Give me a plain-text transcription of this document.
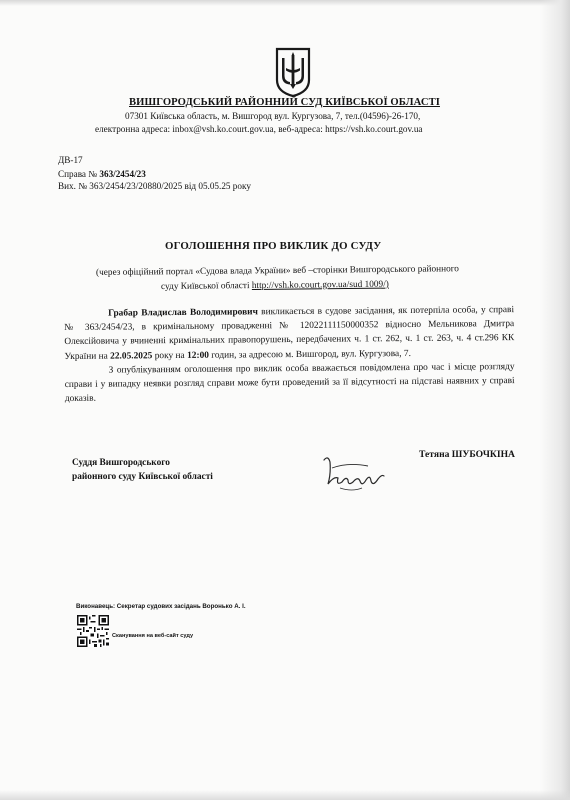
ВИШГОРОДСЬКИЙ РАЙОННИЙ СУД КИЇВСЬКОЇ ОБЛАСТІ
07301 Київська область, м. Вишгород вул. Кургузова, 7, тел.(04596)-26-170,
електронна адреса: inbox@vsh.ko.court.gov.ua, веб-адреса: https://vsh.ko.court.gov.ua
ДВ-17
Справа № 363/2454/23
Вих. № 363/2454/23/20880/2025 від 05.05.25 року
ОГОЛОШЕННЯ ПРО ВИКЛИК ДО СУДУ
(через офіційний портал «Судова влада України» веб –сторінки Вишгородського районного
суду Київської області http://vsh.ko.court.gov.ua/sud 1009/)

Грабар Владислав Володимирович викликається в судове засідання, як потерпіла особа, у справі № 363/2454/23, в кримінальному провадженні № 12022111150000352 відносно Мельникова Дмитра Олексійовича у вчиненні кримінальних правопорушень, передбачених ч. 1 ст. 262, ч. 1 ст. 263, ч. 4 ст.296 КК України на 22.05.2025 року на 12:00 годин, за адресою м. Вишгород, вул. Кургузова, 7.

З опублікуванням оголошення про виклик особа вважається повідомлена про час і місце розгляду справи і у випадку неявки розгляд справи може бути проведений за її відсутності на підставі наявних у справі доказів.

Суддя Вишгородського
районного суду Київської області
Тетяна ШУБОЧКІНА
Виконавець: Секретар судових засідань Воронько А. І.
Сканування на веб-сайт суду
